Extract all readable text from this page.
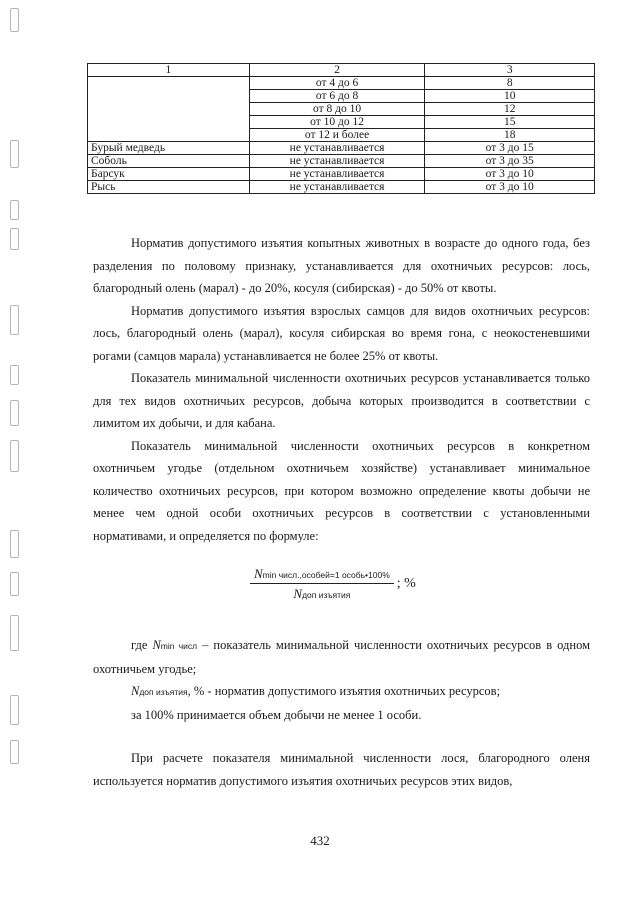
1	2	3
	от 4 до 6	8
	от 6 до 8	10
	от 8 до 10	12
	от 10 до 12	15
	от 12 и более	18
Бурый медведь	не устанавливается	от 3 до 15
Соболь	не устанавливается	от 3 до 35
Барсук	не устанавливается	от 3 до 10
Рысь	не устанавливается	от 3 до 10

Норматив допустимого изъятия копытных животных в возрасте до одного года, без разделения по половому признаку, устанавливается для охотничьих ресурсов: лось, благородный олень (марал) - до 20%, косуля (сибирская) - до 50% от квоты.

Норматив допустимого изъятия взрослых самцов для видов охотничьих ресурсов: лось, благородный олень (марал), косуля сибирская во время гона, с неокостеневшими рогами (самцов марала) устанавливается не более 25% от квоты.

Показатель минимальной численности охотничьих ресурсов устанавливается только для тех видов охотничьих ресурсов, добыча которых производится в соответствии с лимитом их добычи, и для кабана.

Показатель минимальной численности охотничьих ресурсов в конкретном охотничьем угодье (отдельном охотничьем хозяйстве) устанавливает минимальное количество охотничьих ресурсов, при котором возможно определение квоты добычи не менее чем одной особи охотничьих ресурсов в соответствии с установленными нормативами, и определяется по формуле:

$\frac{\text{Nmin числ.,особей=1 особь•100\%}}{\text{Nдоп изъятия}}$ ; %

где Nmin числ – показатель минимальной численности охотничьих ресурсов в одном охотничьем угодье;

Nдоп изъятия, % - норматив допустимого изъятия охотничьих ресурсов;

за 100% принимается объем добычи не менее 1 особи.

При расчете показателя минимальной численности лося, благородного оленя используется норматив допустимого изъятия охотничьих ресурсов этих видов,

432
